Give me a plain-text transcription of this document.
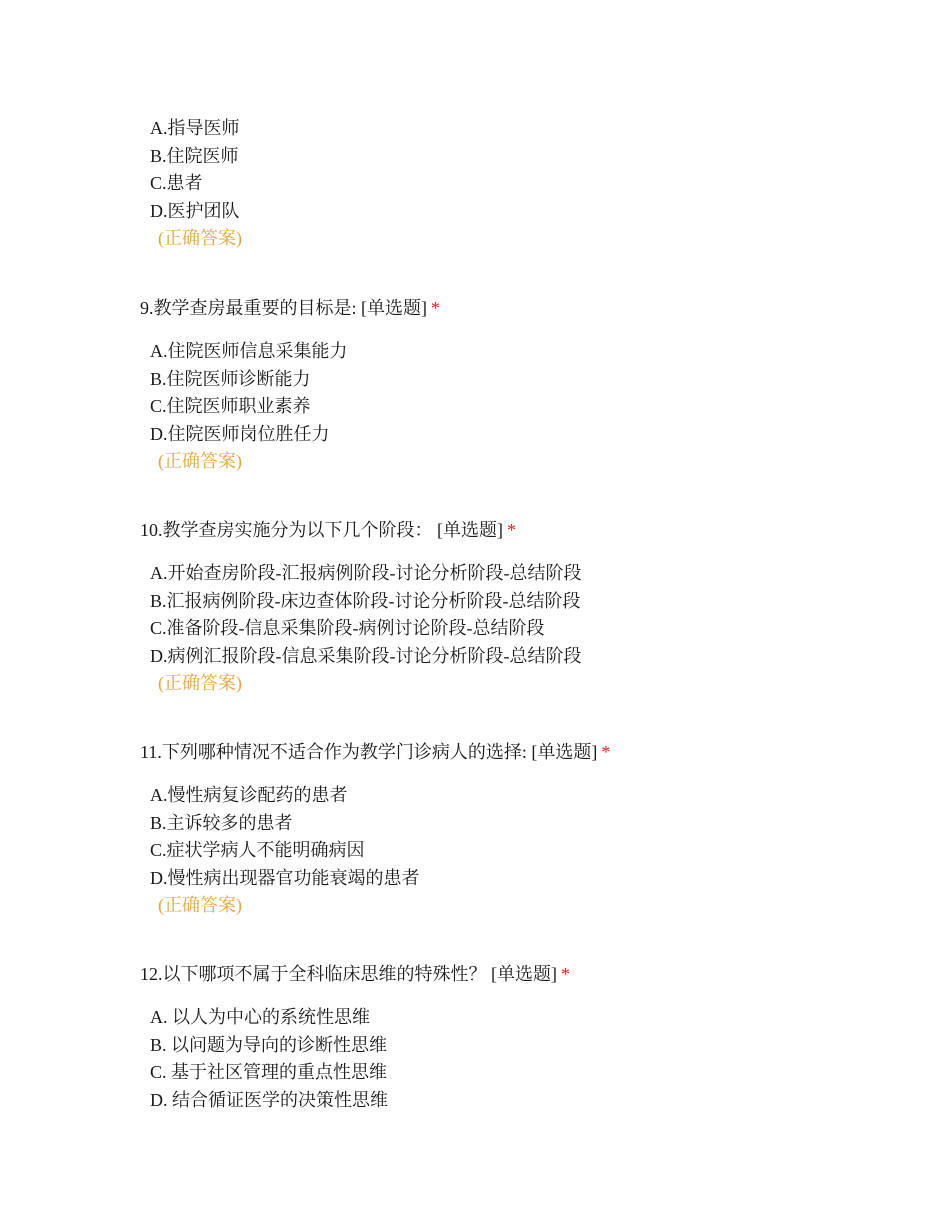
A.指导医师
B.住院医师
C.患者
D.医护团队
(正确答案)
9.教学查房最重要的目标是: [单选题] *
A.住院医师信息采集能力
B.住院医师诊断能力
C.住院医师职业素养
D.住院医师岗位胜任力
(正确答案)
10.教学查房实施分为以下几个阶段： [单选题] *
A.开始查房阶段-汇报病例阶段-讨论分析阶段-总结阶段
B.汇报病例阶段-床边查体阶段-讨论分析阶段-总结阶段
C.准备阶段-信息采集阶段-病例讨论阶段-总结阶段
D.病例汇报阶段-信息采集阶段-讨论分析阶段-总结阶段
(正确答案)
11.下列哪种情况不适合作为教学门诊病人的选择: [单选题] *
A.慢性病复诊配药的患者
B.主诉较多的患者
C.症状学病人不能明确病因
D.慢性病出现器官功能衰竭的患者
(正确答案)
12.以下哪项不属于全科临床思维的特殊性？ [单选题] *
A. 以人为中心的系统性思维
B. 以问题为导向的诊断性思维
C. 基于社区管理的重点性思维
D. 结合循证医学的决策性思维
